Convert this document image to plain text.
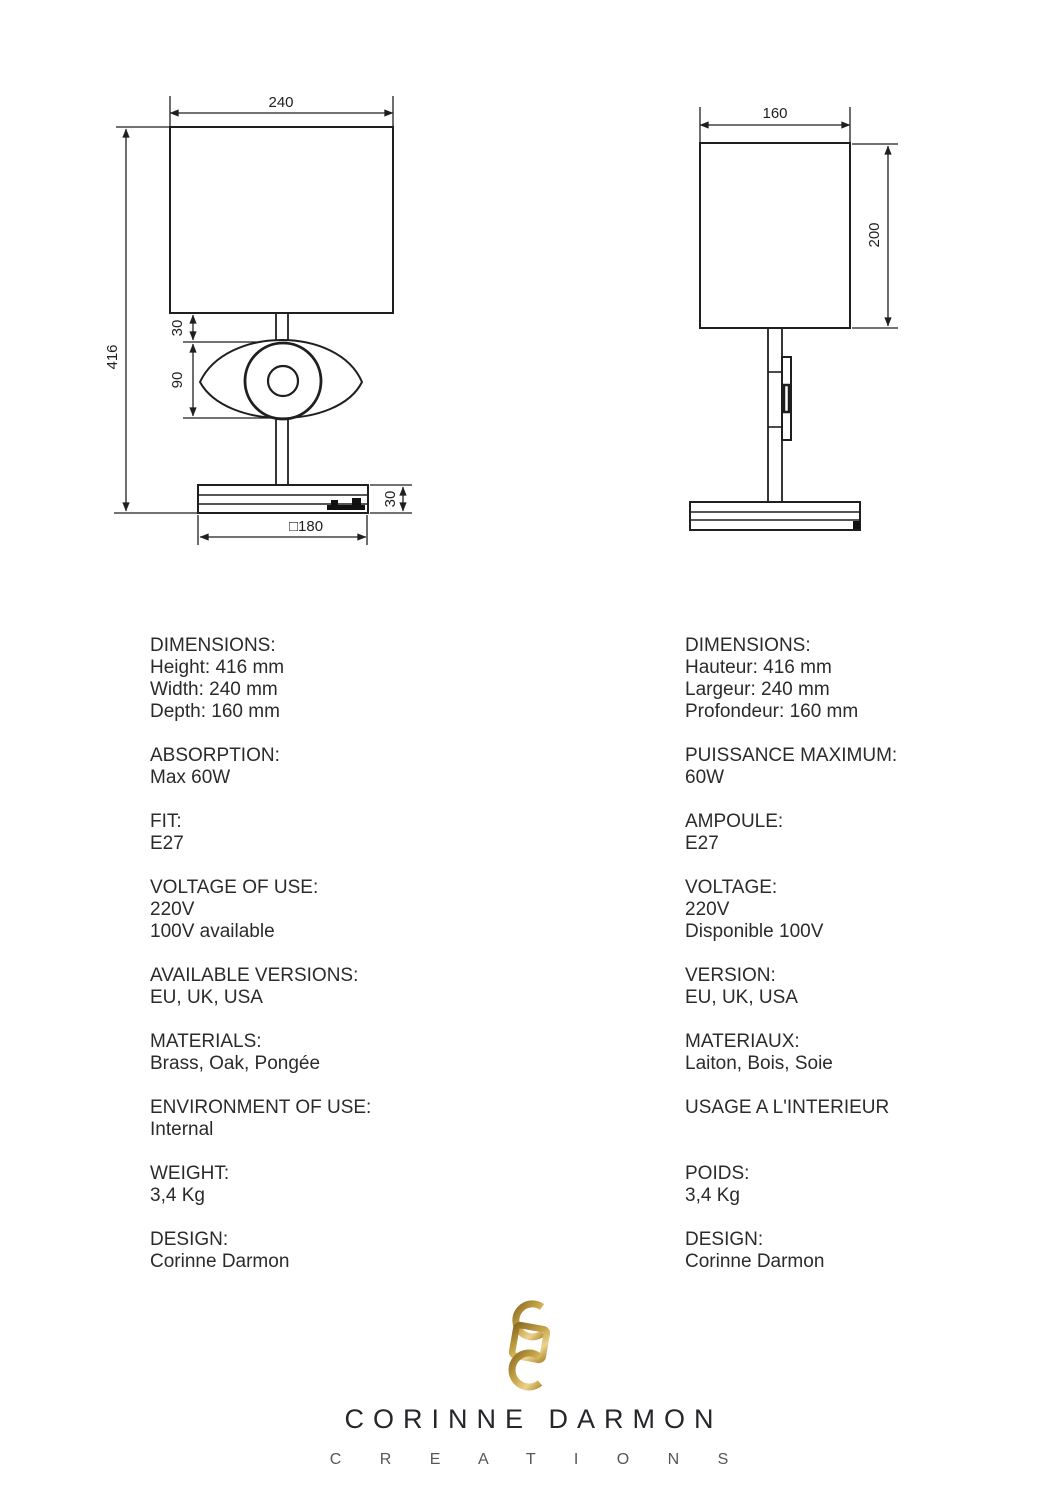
240
416
30
90
□180
30
160
200
DIMENSIONS:
Height: 416 mm
Width: 240 mm
Depth: 160 mm
ABSORPTION:
Max 60W
FIT:
E27
VOLTAGE OF USE:
220V
100V available
AVAILABLE VERSIONS:
EU, UK, USA
MATERIALS:
Brass, Oak, Pongée
ENVIRONMENT OF USE:
Internal
WEIGHT:
3,4 Kg
DESIGN:
Corinne Darmon
DIMENSIONS:
Hauteur: 416 mm
Largeur: 240 mm
Profondeur: 160 mm
PUISSANCE MAXIMUM:
60W
AMPOULE:
E27
VOLTAGE:
220V
Disponible 100V
VERSION:
EU, UK, USA
MATERIAUX:
Laiton, Bois, Soie
USAGE A L'INTERIEUR
POIDS:
3,4 Kg
DESIGN:
Corinne Darmon
CORINNE DARMON
C R E A T I O N S
